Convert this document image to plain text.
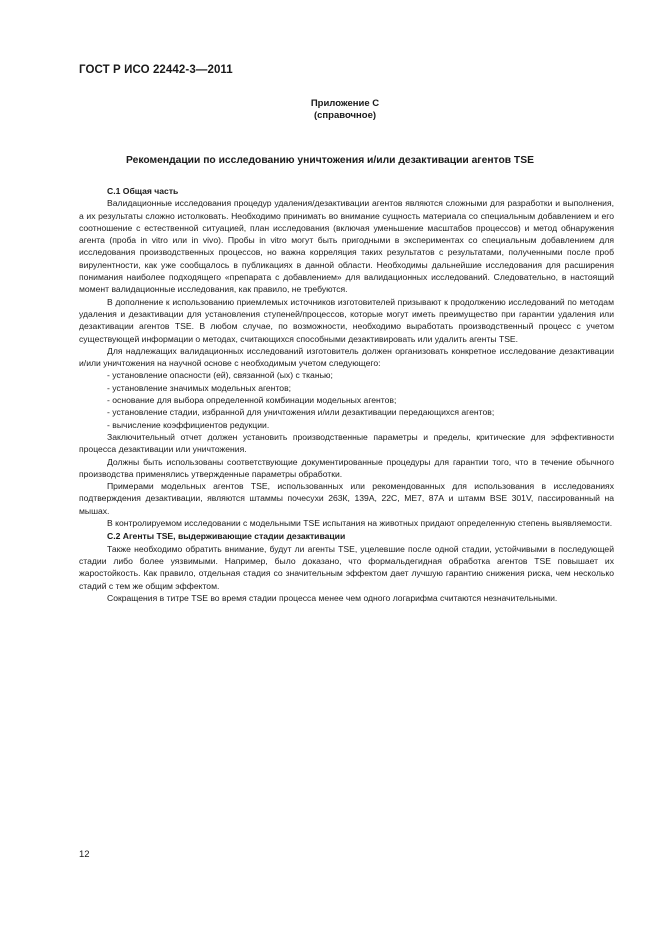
ГОСТ Р ИСО 22442-3—2011
Приложение С
(справочное)
Рекомендации по исследованию уничтожения и/или дезактивации агентов TSE

С.1 Общая часть

Валидационные исследования процедур удаления/дезактивации агентов являются сложными для разработки и выполнения, а их результаты сложно истолковать. Необходимо принимать во внимание сущность материала со специальным добавлением и его соотношение с естественной ситуацией, план исследования (включая уменьшение масштабов процессов) и метод обнаружения агента (проба in vitro или in vivo). Пробы in vitro могут быть пригодными в экспериментах со специальным добавлением для исследования производственных процессов, но важна корреляция таких результатов с результатами, полученными после проб вирулентности, как уже сообщалось в публикациях в данной области. Необходимы дальнейшие исследования для расширения понимания наиболее подходящего «препарата с добавлением» для валидационных исследований. Следовательно, в настоящий момент валидационные исследования, как правило, не требуются.

В дополнение к использованию приемлемых источников изготовителей призывают к продолжению исследований по методам удаления и дезактивации для установления ступеней/процессов, которые могут иметь преимущество при гарантии удаления или дезактивации агентов TSE. В любом случае, по возможности, необходимо выработать производственный процесс с учетом существующей информации о методах, считающихся способными дезактивировать или удалить агенты TSE.

Для надлежащих валидационных исследований изготовитель должен организовать конкретное исследование дезактивации и/или уничтожения на научной основе с необходимым учетом следующего:

- установление опасности (ей), связанной (ых) с тканью;

- установление значимых модельных агентов;

- основание для выбора определенной комбинации модельных агентов;

- установление стадии, избранной для уничтожения и/или дезактивации передающихся агентов;

- вычисление коэффициентов редукции.

Заключительный отчет должен установить производственные параметры и пределы, критические для эффективности процесса дезактивации или уничтожения.

Должны быть использованы соответствующие документированные процедуры для гарантии того, что в течение обычного производства применялись утвержденные параметры обработки.

Примерами модельных агентов TSE, использованных или рекомендованных для использования в исследованиях подтверждения дезактивации, являются штаммы почесухи 263К, 139А, 22С, МЕ7, 87А и штамм BSE 301V, пассированный на мышах.

В контролируемом исследовании с модельными TSE испытания на животных придают определенную степень выявляемости.

С.2 Агенты TSE, выдерживающие стадии дезактивации

Также необходимо обратить внимание, будут ли агенты TSE, уцелевшие после одной стадии, устойчивыми в последующей стадии либо более уязвимыми. Например, было доказано, что формальдегидная обработка агентов TSE повышает их жаростойкость. Как правило, отдельная стадия со значительным эффектом дает лучшую гарантию снижения риска, чем несколько стадий с тем же общим эффектом.

Сокращения в титре TSE во время стадии процесса менее чем одного логарифма считаются незначительными.

12
